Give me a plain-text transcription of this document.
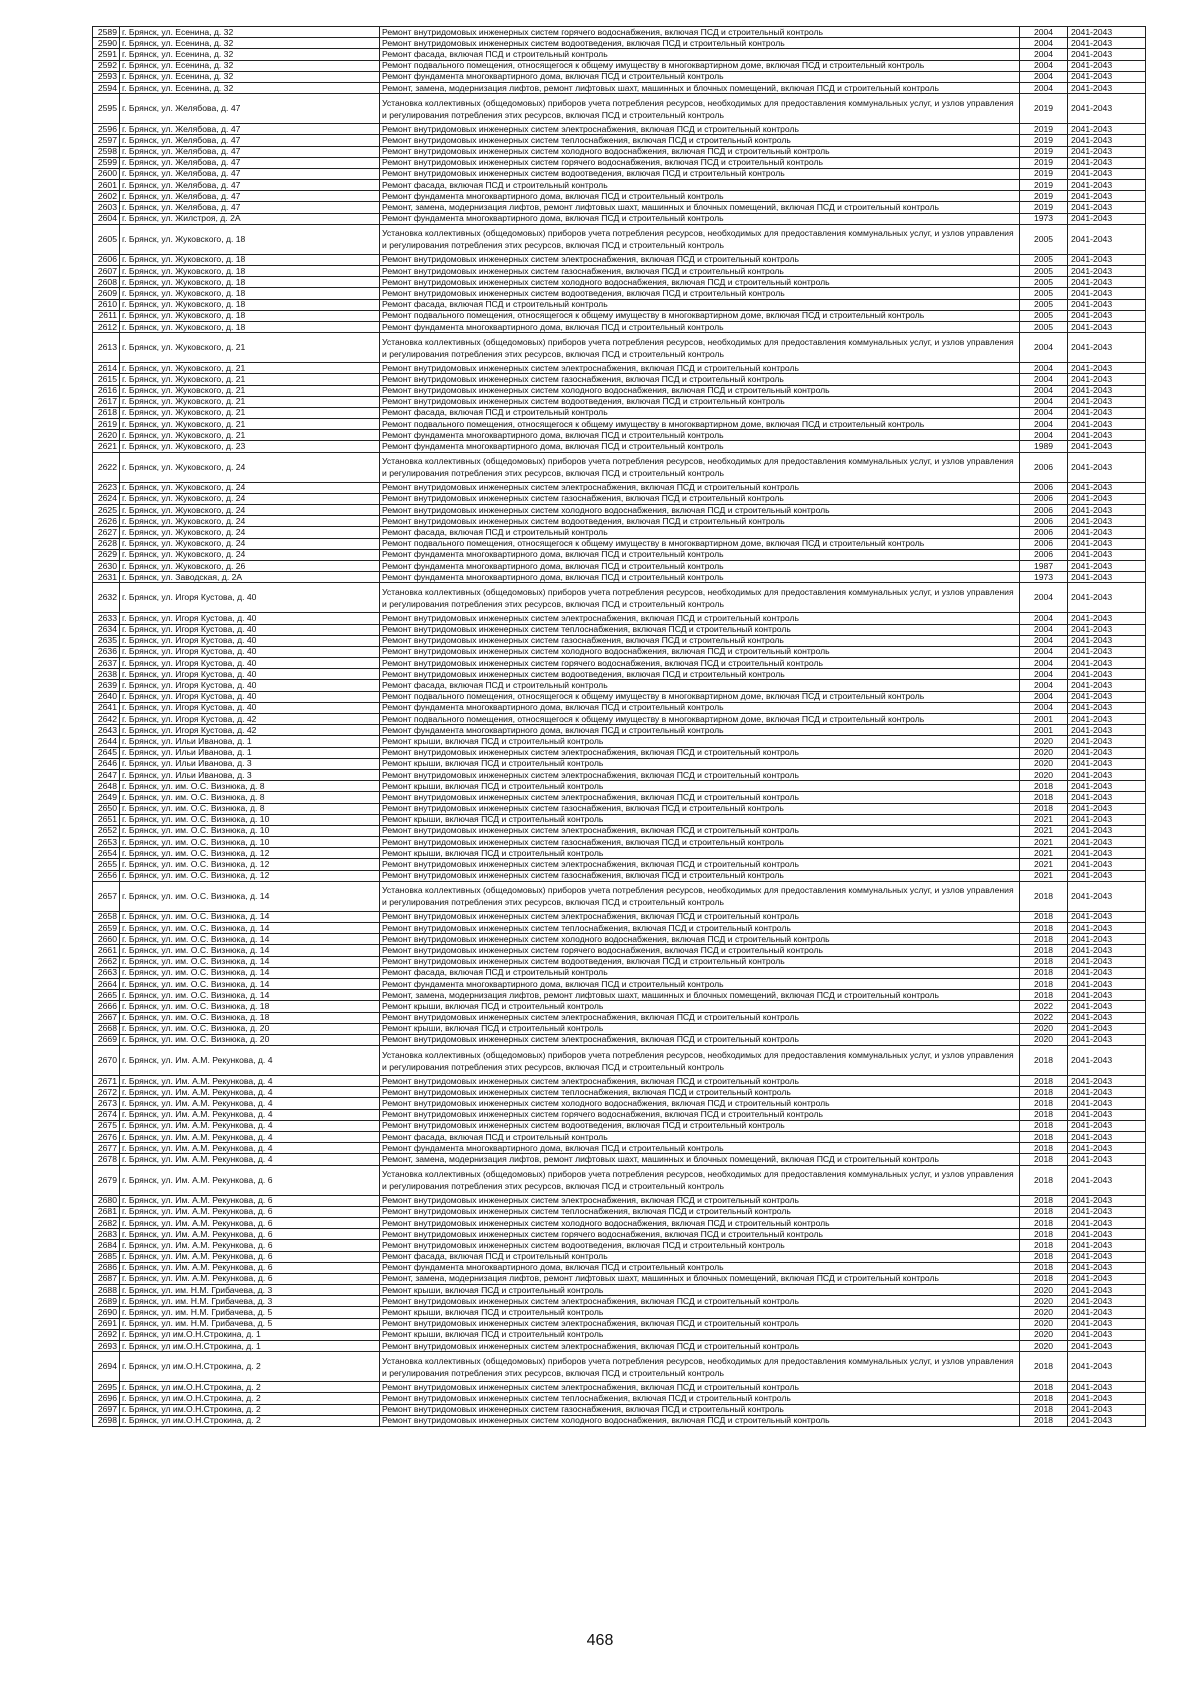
2589	г. Брянск, ул. Есенина, д. 32	Ремонт внутридомовых инженерных систем горячего водоснабжения, включая ПСД и строительный контроль	2004	2041-2043
2590	г. Брянск, ул. Есенина, д. 32	Ремонт внутридомовых инженерных систем водоотведения, включая ПСД и строительный контроль	2004	2041-2043
2591	г. Брянск, ул. Есенина, д. 32	Ремонт фасада, включая ПСД и строительный контроль	2004	2041-2043
2592	г. Брянск, ул. Есенина, д. 32	Ремонт подвального помещения, относящегося к общему имуществу в многоквартирном доме, включая ПСД и строительный контроль	2004	2041-2043
2593	г. Брянск, ул. Есенина, д. 32	Ремонт фундамента многоквартирного дома, включая ПСД и строительный контроль	2004	2041-2043
2594	г. Брянск, ул. Есенина, д. 32	Ремонт, замена, модернизация лифтов, ремонт лифтовых шахт, машинных и блочных помещений, включая ПСД и строительный контроль	2004	2041-2043
2595	г. Брянск, ул. Желябова, д. 47	Установка коллективных (общедомовых) приборов учета потребления ресурсов, необходимых для предоставления коммунальных услуг, и узлов управления и регулирования потребления этих ресурсов, включая ПСД и строительный контроль	2019	2041-2043
2596	г. Брянск, ул. Желябова, д. 47	Ремонт внутридомовых инженерных систем электроснабжения, включая ПСД и строительный контроль	2019	2041-2043
2597	г. Брянск, ул. Желябова, д. 47	Ремонт внутридомовых инженерных систем теплоснабжения, включая ПСД и строительный контроль	2019	2041-2043
2598	г. Брянск, ул. Желябова, д. 47	Ремонт внутридомовых инженерных систем холодного водоснабжения, включая ПСД и строительный контроль	2019	2041-2043
2599	г. Брянск, ул. Желябова, д. 47	Ремонт внутридомовых инженерных систем горячего водоснабжения, включая ПСД и строительный контроль	2019	2041-2043
2600	г. Брянск, ул. Желябова, д. 47	Ремонт внутридомовых инженерных систем водоотведения, включая ПСД и строительный контроль	2019	2041-2043
2601	г. Брянск, ул. Желябова, д. 47	Ремонт фасада, включая ПСД и строительный контроль	2019	2041-2043
2602	г. Брянск, ул. Желябова, д. 47	Ремонт фундамента многоквартирного дома, включая ПСД и строительный контроль	2019	2041-2043
2603	г. Брянск, ул. Желябова, д. 47	Ремонт, замена, модернизация лифтов, ремонт лифтовых шахт, машинных и блочных помещений, включая ПСД и строительный контроль	2019	2041-2043
2604	г. Брянск, ул. Жилстроя, д. 2А	Ремонт фундамента многоквартирного дома, включая ПСД и строительный контроль	1973	2041-2043
2605	г. Брянск, ул. Жуковского, д. 18	Установка коллективных (общедомовых) приборов учета потребления ресурсов, необходимых для предоставления коммунальных услуг, и узлов управления и регулирования потребления этих ресурсов, включая ПСД и строительный контроль	2005	2041-2043
2606	г. Брянск, ул. Жуковского, д. 18	Ремонт внутридомовых инженерных систем электроснабжения, включая ПСД и строительный контроль	2005	2041-2043
2607	г. Брянск, ул. Жуковского, д. 18	Ремонт внутридомовых инженерных систем газоснабжения, включая ПСД и строительный контроль	2005	2041-2043
2608	г. Брянск, ул. Жуковского, д. 18	Ремонт внутридомовых инженерных систем холодного водоснабжения, включая ПСД и строительный контроль	2005	2041-2043
2609	г. Брянск, ул. Жуковского, д. 18	Ремонт внутридомовых инженерных систем водоотведения, включая ПСД и строительный контроль	2005	2041-2043
2610	г. Брянск, ул. Жуковского, д. 18	Ремонт фасада, включая ПСД и строительный контроль	2005	2041-2043
2611	г. Брянск, ул. Жуковского, д. 18	Ремонт подвального помещения, относящегося к общему имуществу в многоквартирном доме, включая ПСД и строительный контроль	2005	2041-2043
2612	г. Брянск, ул. Жуковского, д. 18	Ремонт фундамента многоквартирного дома, включая ПСД и строительный контроль	2005	2041-2043
2613	г. Брянск, ул. Жуковского, д. 21	Установка коллективных (общедомовых) приборов учета потребления ресурсов, необходимых для предоставления коммунальных услуг, и узлов управления и регулирования потребления этих ресурсов, включая ПСД и строительный контроль	2004	2041-2043
2614	г. Брянск, ул. Жуковского, д. 21	Ремонт внутридомовых инженерных систем электроснабжения, включая ПСД и строительный контроль	2004	2041-2043
2615	г. Брянск, ул. Жуковского, д. 21	Ремонт внутридомовых инженерных систем газоснабжения, включая ПСД и строительный контроль	2004	2041-2043
2616	г. Брянск, ул. Жуковского, д. 21	Ремонт внутридомовых инженерных систем холодного водоснабжения, включая ПСД и строительный контроль	2004	2041-2043
2617	г. Брянск, ул. Жуковского, д. 21	Ремонт внутридомовых инженерных систем водоотведения, включая ПСД и строительный контроль	2004	2041-2043
2618	г. Брянск, ул. Жуковского, д. 21	Ремонт фасада, включая ПСД и строительный контроль	2004	2041-2043
2619	г. Брянск, ул. Жуковского, д. 21	Ремонт подвального помещения, относящегося к общему имуществу в многоквартирном доме, включая ПСД и строительный контроль	2004	2041-2043
2620	г. Брянск, ул. Жуковского, д. 21	Ремонт фундамента многоквартирного дома, включая ПСД и строительный контроль	2004	2041-2043
2621	г. Брянск, ул. Жуковского, д. 23	Ремонт фундамента многоквартирного дома, включая ПСД и строительный контроль	1989	2041-2043
2622	г. Брянск, ул. Жуковского, д. 24	Установка коллективных (общедомовых) приборов учета потребления ресурсов, необходимых для предоставления коммунальных услуг, и узлов управления и регулирования потребления этих ресурсов, включая ПСД и строительный контроль	2006	2041-2043
2623	г. Брянск, ул. Жуковского, д. 24	Ремонт внутридомовых инженерных систем электроснабжения, включая ПСД и строительный контроль	2006	2041-2043
2624	г. Брянск, ул. Жуковского, д. 24	Ремонт внутридомовых инженерных систем газоснабжения, включая ПСД и строительный контроль	2006	2041-2043
2625	г. Брянск, ул. Жуковского, д. 24	Ремонт внутридомовых инженерных систем холодного водоснабжения, включая ПСД и строительный контроль	2006	2041-2043
2626	г. Брянск, ул. Жуковского, д. 24	Ремонт внутридомовых инженерных систем водоотведения, включая ПСД и строительный контроль	2006	2041-2043
2627	г. Брянск, ул. Жуковского, д. 24	Ремонт фасада, включая ПСД и строительный контроль	2006	2041-2043
2628	г. Брянск, ул. Жуковского, д. 24	Ремонт подвального помещения, относящегося к общему имуществу в многоквартирном доме, включая ПСД и строительный контроль	2006	2041-2043
2629	г. Брянск, ул. Жуковского, д. 24	Ремонт фундамента многоквартирного дома, включая ПСД и строительный контроль	2006	2041-2043
2630	г. Брянск, ул. Жуковского, д. 26	Ремонт фундамента многоквартирного дома, включая ПСД и строительный контроль	1987	2041-2043
2631	г. Брянск, ул. Заводская, д. 2А	Ремонт фундамента многоквартирного дома, включая ПСД и строительный контроль	1973	2041-2043
2632	г. Брянск, ул. Игоря Кустова, д. 40	Установка коллективных (общедомовых) приборов учета потребления ресурсов, необходимых для предоставления коммунальных услуг, и узлов управления и регулирования потребления этих ресурсов, включая ПСД и строительный контроль	2004	2041-2043
2633	г. Брянск, ул. Игоря Кустова, д. 40	Ремонт внутридомовых инженерных систем электроснабжения, включая ПСД и строительный контроль	2004	2041-2043
2634	г. Брянск, ул. Игоря Кустова, д. 40	Ремонт внутридомовых инженерных систем теплоснабжения, включая ПСД и строительный контроль	2004	2041-2043
2635	г. Брянск, ул. Игоря Кустова, д. 40	Ремонт внутридомовых инженерных систем газоснабжения, включая ПСД и строительный контроль	2004	2041-2043
2636	г. Брянск, ул. Игоря Кустова, д. 40	Ремонт внутридомовых инженерных систем холодного водоснабжения, включая ПСД и строительный контроль	2004	2041-2043
2637	г. Брянск, ул. Игоря Кустова, д. 40	Ремонт внутридомовых инженерных систем горячего водоснабжения, включая ПСД и строительный контроль	2004	2041-2043
2638	г. Брянск, ул. Игоря Кустова, д. 40	Ремонт внутридомовых инженерных систем водоотведения, включая ПСД и строительный контроль	2004	2041-2043
2639	г. Брянск, ул. Игоря Кустова, д. 40	Ремонт фасада, включая ПСД и строительный контроль	2004	2041-2043
2640	г. Брянск, ул. Игоря Кустова, д. 40	Ремонт подвального помещения, относящегося к общему имуществу в многоквартирном доме, включая ПСД и строительный контроль	2004	2041-2043
2641	г. Брянск, ул. Игоря Кустова, д. 40	Ремонт фундамента многоквартирного дома, включая ПСД и строительный контроль	2004	2041-2043
2642	г. Брянск, ул. Игоря Кустова, д. 42	Ремонт подвального помещения, относящегося к общему имуществу в многоквартирном доме, включая ПСД и строительный контроль	2001	2041-2043
2643	г. Брянск, ул. Игоря Кустова, д. 42	Ремонт фундамента многоквартирного дома, включая ПСД и строительный контроль	2001	2041-2043
2644	г. Брянск, ул. Ильи Иванова, д. 1	Ремонт крыши, включая ПСД и строительный контроль	2020	2041-2043
2645	г. Брянск, ул. Ильи Иванова, д. 1	Ремонт внутридомовых инженерных систем электроснабжения, включая ПСД и строительный контроль	2020	2041-2043
2646	г. Брянск, ул. Ильи Иванова, д. 3	Ремонт крыши, включая ПСД и строительный контроль	2020	2041-2043
2647	г. Брянск, ул. Ильи Иванова, д. 3	Ремонт внутридомовых инженерных систем электроснабжения, включая ПСД и строительный контроль	2020	2041-2043
2648	г. Брянск, ул. им. О.С. Визнюка, д. 8	Ремонт крыши, включая ПСД и строительный контроль	2018	2041-2043
2649	г. Брянск, ул. им. О.С. Визнюка, д. 8	Ремонт внутридомовых инженерных систем электроснабжения, включая ПСД и строительный контроль	2018	2041-2043
2650	г. Брянск, ул. им. О.С. Визнюка, д. 8	Ремонт внутридомовых инженерных систем газоснабжения, включая ПСД и строительный контроль	2018	2041-2043
2651	г. Брянск, ул. им. О.С. Визнюка, д. 10	Ремонт крыши, включая ПСД и строительный контроль	2021	2041-2043
2652	г. Брянск, ул. им. О.С. Визнюка, д. 10	Ремонт внутридомовых инженерных систем электроснабжения, включая ПСД и строительный контроль	2021	2041-2043
2653	г. Брянск, ул. им. О.С. Визнюка, д. 10	Ремонт внутридомовых инженерных систем газоснабжения, включая ПСД и строительный контроль	2021	2041-2043
2654	г. Брянск, ул. им. О.С. Визнюка, д. 12	Ремонт крыши, включая ПСД и строительный контроль	2021	2041-2043
2655	г. Брянск, ул. им. О.С. Визнюка, д. 12	Ремонт внутридомовых инженерных систем электроснабжения, включая ПСД и строительный контроль	2021	2041-2043
2656	г. Брянск, ул. им. О.С. Визнюка, д. 12	Ремонт внутридомовых инженерных систем газоснабжения, включая ПСД и строительный контроль	2021	2041-2043
2657	г. Брянск, ул. им. О.С. Визнюка, д. 14	Установка коллективных (общедомовых) приборов учета потребления ресурсов, необходимых для предоставления коммунальных услуг, и узлов управления и регулирования потребления этих ресурсов, включая ПСД и строительный контроль	2018	2041-2043
2658	г. Брянск, ул. им. О.С. Визнюка, д. 14	Ремонт внутридомовых инженерных систем электроснабжения, включая ПСД и строительный контроль	2018	2041-2043
2659	г. Брянск, ул. им. О.С. Визнюка, д. 14	Ремонт внутридомовых инженерных систем теплоснабжения, включая ПСД и строительный контроль	2018	2041-2043
2660	г. Брянск, ул. им. О.С. Визнюка, д. 14	Ремонт внутридомовых инженерных систем холодного водоснабжения, включая ПСД и строительный контроль	2018	2041-2043
2661	г. Брянск, ул. им. О.С. Визнюка, д. 14	Ремонт внутридомовых инженерных систем горячего водоснабжения, включая ПСД и строительный контроль	2018	2041-2043
2662	г. Брянск, ул. им. О.С. Визнюка, д. 14	Ремонт внутридомовых инженерных систем водоотведения, включая ПСД и строительный контроль	2018	2041-2043
2663	г. Брянск, ул. им. О.С. Визнюка, д. 14	Ремонт фасада, включая ПСД и строительный контроль	2018	2041-2043
2664	г. Брянск, ул. им. О.С. Визнюка, д. 14	Ремонт фундамента многоквартирного дома, включая ПСД и строительный контроль	2018	2041-2043
2665	г. Брянск, ул. им. О.С. Визнюка, д. 14	Ремонт, замена, модернизация лифтов, ремонт лифтовых шахт, машинных и блочных помещений, включая ПСД и строительный контроль	2018	2041-2043
2666	г. Брянск, ул. им. О.С. Визнюка, д. 18	Ремонт крыши, включая ПСД и строительный контроль	2022	2041-2043
2667	г. Брянск, ул. им. О.С. Визнюка, д. 18	Ремонт внутридомовых инженерных систем электроснабжения, включая ПСД и строительный контроль	2022	2041-2043
2668	г. Брянск, ул. им. О.С. Визнюка, д. 20	Ремонт крыши, включая ПСД и строительный контроль	2020	2041-2043
2669	г. Брянск, ул. им. О.С. Визнюка, д. 20	Ремонт внутридомовых инженерных систем электроснабжения, включая ПСД и строительный контроль	2020	2041-2043
2670	г. Брянск, ул. Им. А.М. Рекункова, д. 4	Установка коллективных (общедомовых) приборов учета потребления ресурсов, необходимых для предоставления коммунальных услуг, и узлов управления и регулирования потребления этих ресурсов, включая ПСД и строительный контроль	2018	2041-2043
2671	г. Брянск, ул. Им. А.М. Рекункова, д. 4	Ремонт внутридомовых инженерных систем электроснабжения, включая ПСД и строительный контроль	2018	2041-2043
2672	г. Брянск, ул. Им. А.М. Рекункова, д. 4	Ремонт внутридомовых инженерных систем теплоснабжения, включая ПСД и строительный контроль	2018	2041-2043
2673	г. Брянск, ул. Им. А.М. Рекункова, д. 4	Ремонт внутридомовых инженерных систем холодного водоснабжения, включая ПСД и строительный контроль	2018	2041-2043
2674	г. Брянск, ул. Им. А.М. Рекункова, д. 4	Ремонт внутридомовых инженерных систем горячего водоснабжения, включая ПСД и строительный контроль	2018	2041-2043
2675	г. Брянск, ул. Им. А.М. Рекункова, д. 4	Ремонт внутридомовых инженерных систем водоотведения, включая ПСД и строительный контроль	2018	2041-2043
2676	г. Брянск, ул. Им. А.М. Рекункова, д. 4	Ремонт фасада, включая ПСД и строительный контроль	2018	2041-2043
2677	г. Брянск, ул. Им. А.М. Рекункова, д. 4	Ремонт фундамента многоквартирного дома, включая ПСД и строительный контроль	2018	2041-2043
2678	г. Брянск, ул. Им. А.М. Рекункова, д. 4	Ремонт, замена, модернизация лифтов, ремонт лифтовых шахт, машинных и блочных помещений, включая ПСД и строительный контроль	2018	2041-2043
2679	г. Брянск, ул. Им. А.М. Рекункова, д. 6	Установка коллективных (общедомовых) приборов учета потребления ресурсов, необходимых для предоставления коммунальных услуг, и узлов управления и регулирования потребления этих ресурсов, включая ПСД и строительный контроль	2018	2041-2043
2680	г. Брянск, ул. Им. А.М. Рекункова, д. 6	Ремонт внутридомовых инженерных систем электроснабжения, включая ПСД и строительный контроль	2018	2041-2043
2681	г. Брянск, ул. Им. А.М. Рекункова, д. 6	Ремонт внутридомовых инженерных систем теплоснабжения, включая ПСД и строительный контроль	2018	2041-2043
2682	г. Брянск, ул. Им. А.М. Рекункова, д. 6	Ремонт внутридомовых инженерных систем холодного водоснабжения, включая ПСД и строительный контроль	2018	2041-2043
2683	г. Брянск, ул. Им. А.М. Рекункова, д. 6	Ремонт внутридомовых инженерных систем горячего водоснабжения, включая ПСД и строительный контроль	2018	2041-2043
2684	г. Брянск, ул. Им. А.М. Рекункова, д. 6	Ремонт внутридомовых инженерных систем водоотведения, включая ПСД и строительный контроль	2018	2041-2043
2685	г. Брянск, ул. Им. А.М. Рекункова, д. 6	Ремонт фасада, включая ПСД и строительный контроль	2018	2041-2043
2686	г. Брянск, ул. Им. А.М. Рекункова, д. 6	Ремонт фундамента многоквартирного дома, включая ПСД и строительный контроль	2018	2041-2043
2687	г. Брянск, ул. Им. А.М. Рекункова, д. 6	Ремонт, замена, модернизация лифтов, ремонт лифтовых шахт, машинных и блочных помещений, включая ПСД и строительный контроль	2018	2041-2043
2688	г. Брянск, ул. им. Н.М. Грибачева, д. 3	Ремонт крыши, включая ПСД и строительный контроль	2020	2041-2043
2689	г. Брянск, ул. им. Н.М. Грибачева, д. 3	Ремонт внутридомовых инженерных систем электроснабжения, включая ПСД и строительный контроль	2020	2041-2043
2690	г. Брянск, ул. им. Н.М. Грибачева, д. 5	Ремонт крыши, включая ПСД и строительный контроль	2020	2041-2043
2691	г. Брянск, ул. им. Н.М. Грибачева, д. 5	Ремонт внутридомовых инженерных систем электроснабжения, включая ПСД и строительный контроль	2020	2041-2043
2692	г. Брянск, ул им.О.Н.Строкина, д. 1	Ремонт крыши, включая ПСД и строительный контроль	2020	2041-2043
2693	г. Брянск, ул им.О.Н.Строкина, д. 1	Ремонт внутридомовых инженерных систем электроснабжения, включая ПСД и строительный контроль	2020	2041-2043
2694	г. Брянск, ул им.О.Н.Строкина, д. 2	Установка коллективных (общедомовых) приборов учета потребления ресурсов, необходимых для предоставления коммунальных услуг, и узлов управления и регулирования потребления этих ресурсов, включая ПСД и строительный контроль	2018	2041-2043
2695	г. Брянск, ул им.О.Н.Строкина, д. 2	Ремонт внутридомовых инженерных систем электроснабжения, включая ПСД и строительный контроль	2018	2041-2043
2696	г. Брянск, ул им.О.Н.Строкина, д. 2	Ремонт внутридомовых инженерных систем теплоснабжения, включая ПСД и строительный контроль	2018	2041-2043
2697	г. Брянск, ул им.О.Н.Строкина, д. 2	Ремонт внутридомовых инженерных систем газоснабжения, включая ПСД и строительный контроль	2018	2041-2043
2698	г. Брянск, ул им.О.Н.Строкина, д. 2	Ремонт внутридомовых инженерных систем холодного водоснабжения, включая ПСД и строительный контроль	2018	2041-2043
468
